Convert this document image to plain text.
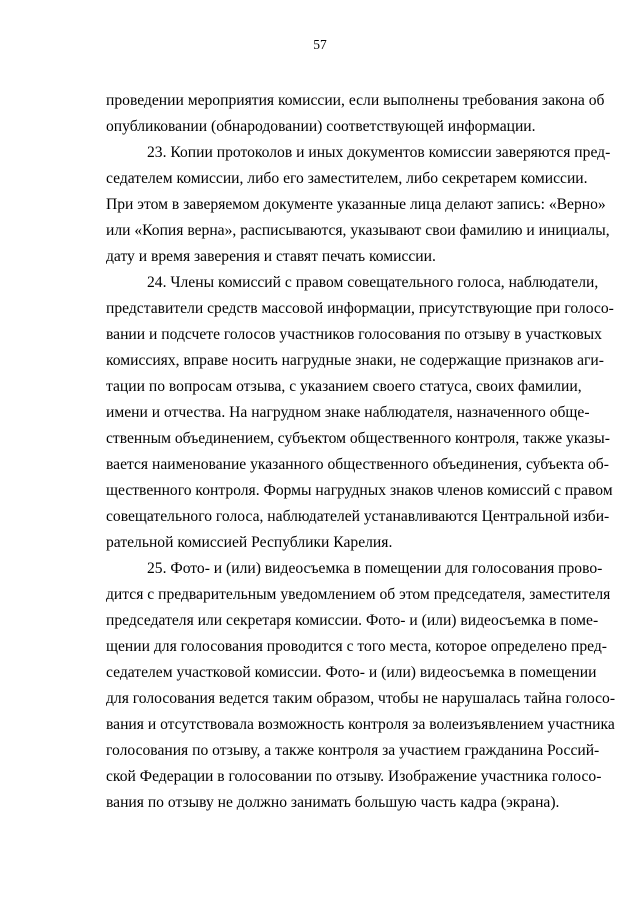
57
проведении мероприятия комиссии, если выполнены требования закона об
опубликовании (обнародовании) соответствующей информации.
23. Копии протоколов и иных документов комиссии заверяются пред-
седателем комиссии, либо его заместителем, либо секретарем комиссии.
При этом в заверяемом документе указанные лица делают запись: «Верно»
или «Копия верна», расписываются, указывают свои фамилию и инициалы,
дату и время заверения и ставят печать комиссии.
24. Члены комиссий с правом совещательного голоса, наблюдатели,
представители средств массовой информации, присутствующие при голосо-
вании и подсчете голосов участников голосования по отзыву в участковых
комиссиях, вправе носить нагрудные знаки, не содержащие признаков аги-
тации по вопросам отзыва, с указанием своего статуса, своих фамилии,
имени и отчества. На нагрудном знаке наблюдателя, назначенного обще-
ственным объединением, субъектом общественного контроля, также указы-
вается наименование указанного общественного объединения, субъекта об-
щественного контроля. Формы нагрудных знаков членов комиссий с правом
совещательного голоса, наблюдателей устанавливаются Центральной изби-
рательной комиссией Республики Карелия.
25. Фото- и (или) видеосъемка в помещении для голосования прово-
дится с предварительным уведомлением об этом председателя, заместителя
председателя или секретаря комиссии. Фото- и (или) видеосъемка в поме-
щении для голосования проводится с того места, которое определено пред-
седателем участковой комиссии. Фото- и (или) видеосъемка в помещении
для голосования ведется таким образом, чтобы не нарушалась тайна голосо-
вания и отсутствовала возможность контроля за волеизъявлением участника
голосования по отзыву, а также контроля за участием гражданина Россий-
ской Федерации в голосовании по отзыву. Изображение участника голосо-
вания по отзыву не должно занимать большую часть кадра (экрана).
